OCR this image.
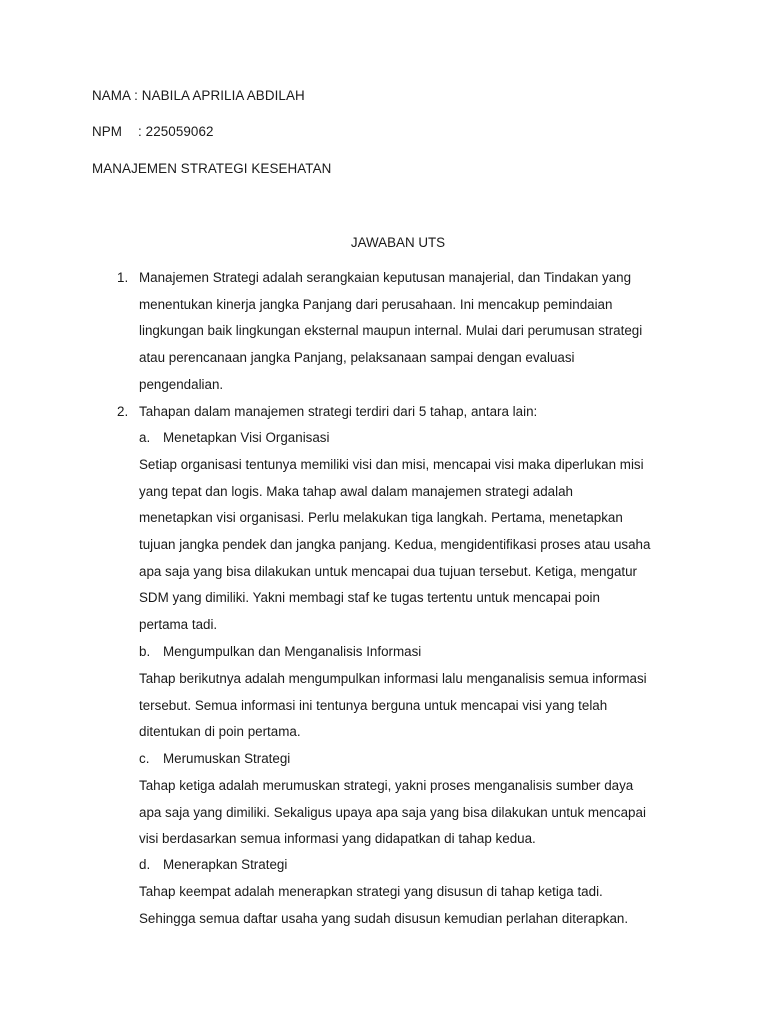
NAMA : NABILA APRILIA ABDILAH
NPM : 225059062
MANAJEMEN STRATEGI KESEHATAN
JAWABAN UTS
1. Manajemen Strategi adalah serangkaian keputusan manajerial, dan Tindakan yang
menentukan kinerja jangka Panjang dari perusahaan. Ini mencakup pemindaian
lingkungan baik lingkungan eksternal maupun internal. Mulai dari perumusan strategi
atau perencanaan jangka Panjang, pelaksanaan sampai dengan evaluasi
pengendalian.
2. Tahapan dalam manajemen strategi terdiri dari 5 tahap, antara lain:
a. Menetapkan Visi Organisasi
Setiap organisasi tentunya memiliki visi dan misi, mencapai visi maka diperlukan misi
yang tepat dan logis. Maka tahap awal dalam manajemen strategi adalah
menetapkan visi organisasi. Perlu melakukan tiga langkah. Pertama, menetapkan
tujuan jangka pendek dan jangka panjang. Kedua, mengidentifikasi proses atau usaha
apa saja yang bisa dilakukan untuk mencapai dua tujuan tersebut. Ketiga, mengatur
SDM yang dimiliki. Yakni membagi staf ke tugas tertentu untuk mencapai poin
pertama tadi.
b. Mengumpulkan dan Menganalisis Informasi
Tahap berikutnya adalah mengumpulkan informasi lalu menganalisis semua informasi
tersebut. Semua informasi ini tentunya berguna untuk mencapai visi yang telah
ditentukan di poin pertama.
c. Merumuskan Strategi
Tahap ketiga adalah merumuskan strategi, yakni proses menganalisis sumber daya
apa saja yang dimiliki. Sekaligus upaya apa saja yang bisa dilakukan untuk mencapai
visi berdasarkan semua informasi yang didapatkan di tahap kedua.
d. Menerapkan Strategi
Tahap keempat adalah menerapkan strategi yang disusun di tahap ketiga tadi.
Sehingga semua daftar usaha yang sudah disusun kemudian perlahan diterapkan.
